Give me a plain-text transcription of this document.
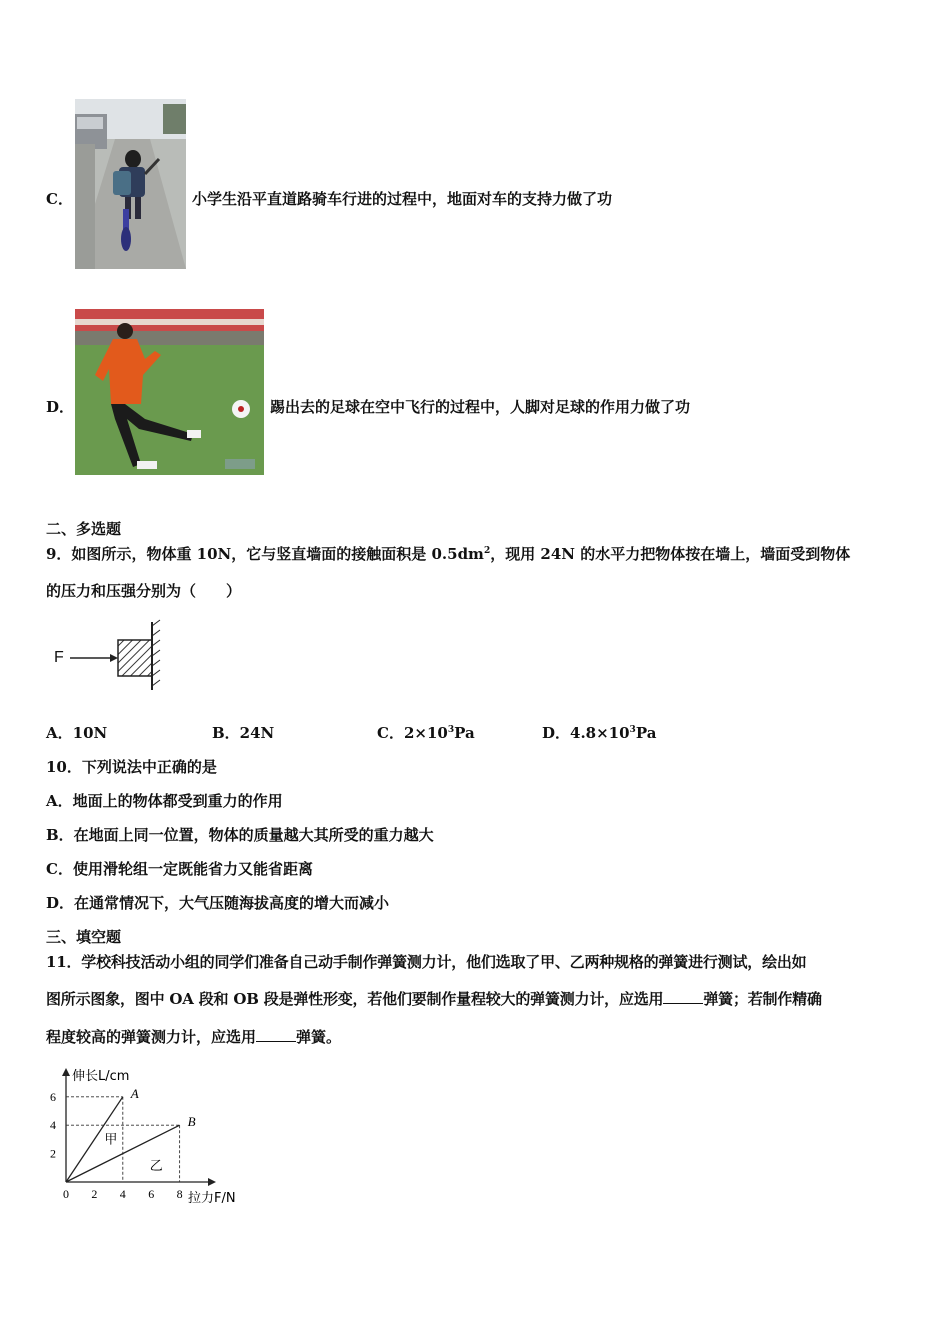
C．	小学生沿平直道路骑车行进的过程中，地面对车的支持力做了功
D．	踢出去的足球在空中飞行的过程中，人脚对足球的作用力做了功
二、多选题
9．如图所示，物体重 10N，它与竖直墙面的接触面积是 $0.5dm^2$，现用 24N 的水平力把物体按在墙上，墙面受到物体
的压力和压强分别为（　　）
F
A．10N	B．24N	C．$2\times 10^3Pa$	D．$4.8\times 10^3Pa$
10．下列说法中正确的是
A．地面上的物体都受到重力的作用
B．在地面上同一位置，物体的质量越大其所受的重力越大
C．使用滑轮组一定既能省力又能省距离
D．在通常情况下，大气压随海拔高度的增大而减小
三、填空题
11．学校科技活动小组的同学们准备自己动手制作弹簧测力计，他们选取了甲、乙两种规格的弹簧进行测试，绘出如
图所示图象，图中 OA 段和 OB 段是弹性形变，若他们要制作量程较大的弹簧测力计，应选用	弹簧；若制作精确
程度较高的弹簧测力计，应选用	弹簧。
0 2 4 6 8
2
4
6	A
B
甲
乙
伸长L/cm
拉力F/N
